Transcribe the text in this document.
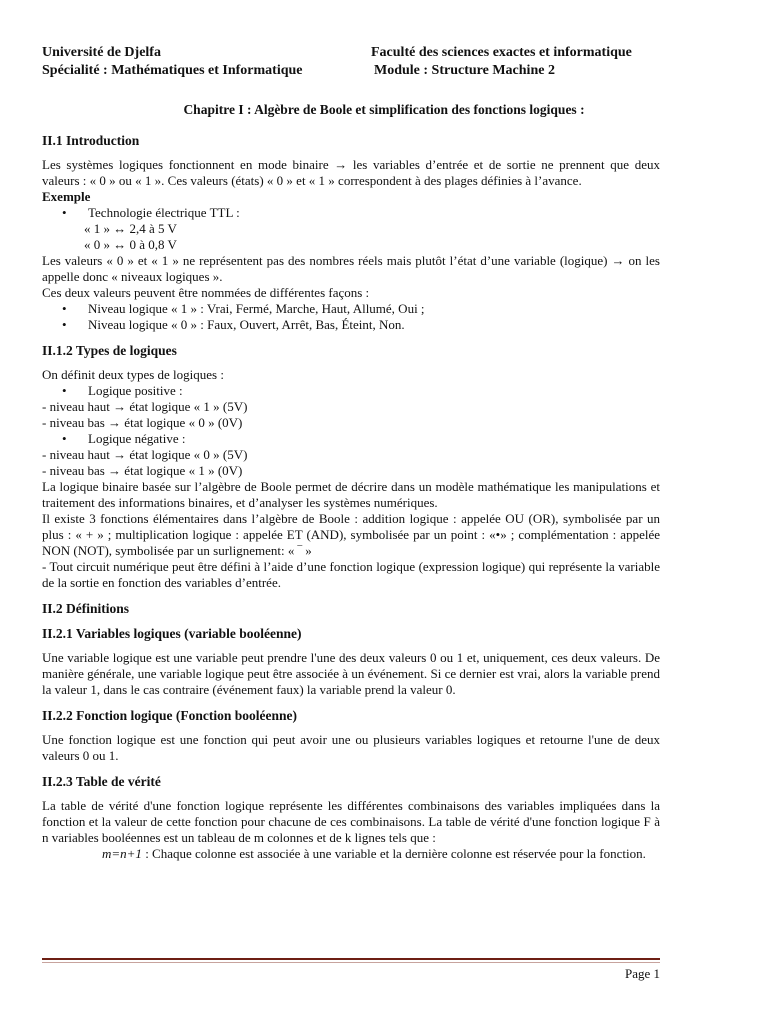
Université de Djelfa
Spécialité : Mathématiques et Informatique
Faculté des sciences exactes et informatique
Module : Structure Machine 2
Chapitre I : Algèbre de Boole et simplification des fonctions logiques :
II.1 Introduction

Les systèmes logiques fonctionnent en mode binaire → les variables d’entrée et de sortie ne prennent que deux valeurs : « 0 » ou « 1 ». Ces valeurs (états) « 0 » et « 1 » correspondent à des plages définies à l’avance.

Exemple
• Technologie électrique TTL :
« 1 » ↔ 2,4 à 5 V
« 0 » ↔ 0 à 0,8 V

Les valeurs « 0 » et « 1 » ne représentent pas des nombres réels mais plutôt l’état d’une variable (logique) → on les appelle donc « niveaux logiques ».

Ces deux valeurs peuvent être nommées de différentes façons :
• Niveau logique « 1 » : Vrai, Fermé, Marche, Haut, Allumé, Oui ;
• Niveau logique « 0 » : Faux, Ouvert, Arrêt, Bas, Éteint, Non.
II.1.2 Types de logiques
On définit deux types de logiques :
• Logique positive :
- niveau haut → état logique « 1 » (5V)
- niveau bas → état logique « 0 » (0V)
• Logique négative :
- niveau haut → état logique « 0 » (5V)
- niveau bas → état logique « 1 » (0V)

La logique binaire basée sur l’algèbre de Boole permet de décrire dans un modèle mathématique les manipulations et traitement des informations binaires, et d’analyser les systèmes numériques.

Il existe 3 fonctions élémentaires dans l’algèbre de Boole : addition logique : appelée OU (OR), symbolisée par un plus : « + » ; multiplication logique : appelée ET (AND), symbolisée par un point : «•» ; complémentation : appelée NON (NOT), symbolisée par un surlignement: « ‾ »

- Tout circuit numérique peut être défini à l’aide d’une fonction logique (expression logique) qui représente la variable de la sortie en fonction des variables d’entrée.

II.2 Définitions
II.2.1 Variables logiques (variable booléenne)

Une variable logique est une variable peut prendre l'une des deux valeurs 0 ou 1 et, uniquement, ces deux valeurs. De manière générale, une variable logique peut être associée à un événement. Si ce dernier est vrai, alors la variable prend la valeur 1, dans le cas contraire (événement faux) la variable prend la valeur 0.

II.2.2 Fonction logique (Fonction booléenne)

Une fonction logique est une fonction qui peut avoir une ou plusieurs variables logiques et retourne l'une de deux valeurs 0 ou 1.

II.2.3 Table de vérité

La table de vérité d'une fonction logique représente les différentes combinaisons des variables impliquées dans la fonction et la valeur de cette fonction pour chacune de ces combinaisons. La table de vérité d'une fonction logique F à n variables booléennes est un tableau de m colonnes et de k lignes tels que :

m=n+1 : Chaque colonne est associée à une variable et la dernière colonne est réservée pour la fonction.
Page 1
